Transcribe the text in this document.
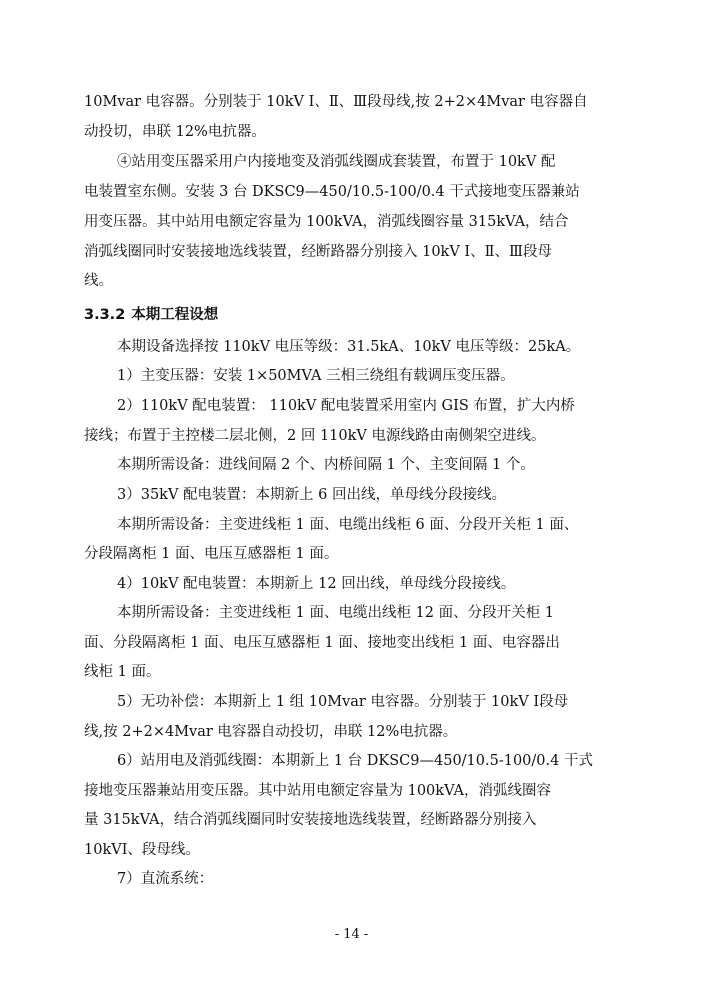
10Mvar 电容器。分别装于 10kV Ⅰ、Ⅱ、Ⅲ段母线,按 2+2×4Mvar 电容器自
动投切，串联 12%电抗器。
④站用变压器采用户内接地变及消弧线圈成套装置，布置于 10kV 配
电装置室东侧。安装 3 台 DKSC9—450/10.5-100/0.4 干式接地变压器兼站
用变压器。其中站用电额定容量为 100kVA，消弧线圈容量 315kVA，结合
消弧线圈同时安装接地选线装置，经断路器分别接入 10kV Ⅰ、Ⅱ、Ⅲ段母
线。
3.3.2 本期工程设想
本期设备选择按 110kV 电压等级：31.5kA、10kV 电压等级：25kA。
1）主变压器：安装 1×50MVA 三相三绕组有载调压变压器。
2）110kV 配电装置： 110kV 配电装置采用室内 GIS 布置，扩大内桥
接线；布置于主控楼二层北侧，2 回 110kV 电源线路由南侧架空进线。
本期所需设备：进线间隔 2 个、内桥间隔 1 个、主变间隔 1 个。
3）35kV 配电装置：本期新上 6 回出线，单母线分段接线。
本期所需设备：主变进线柜 1 面、电缆出线柜 6 面、分段开关柜 1 面、
分段隔离柜 1 面、电压互感器柜 1 面。
4）10kV 配电装置：本期新上 12 回出线，单母线分段接线。
本期所需设备：主变进线柜 1 面、电缆出线柜 12 面、分段开关柜 1
面、分段隔离柜 1 面、电压互感器柜 1 面、接地变出线柜 1 面、电容器出
线柜 1 面。
5）无功补偿：本期新上 1 组 10Mvar 电容器。分别装于 10kV Ⅰ段母
线,按 2+2×4Mvar 电容器自动投切，串联 12%电抗器。
6）站用电及消弧线圈：本期新上 1 台 DKSC9—450/10.5-100/0.4 干式
接地变压器兼站用变压器。其中站用电额定容量为 100kVA，消弧线圈容
量 315kVA，结合消弧线圈同时安装接地选线装置，经断路器分别接入
10kVⅠ、段母线。
7）直流系统：
- 14 -
